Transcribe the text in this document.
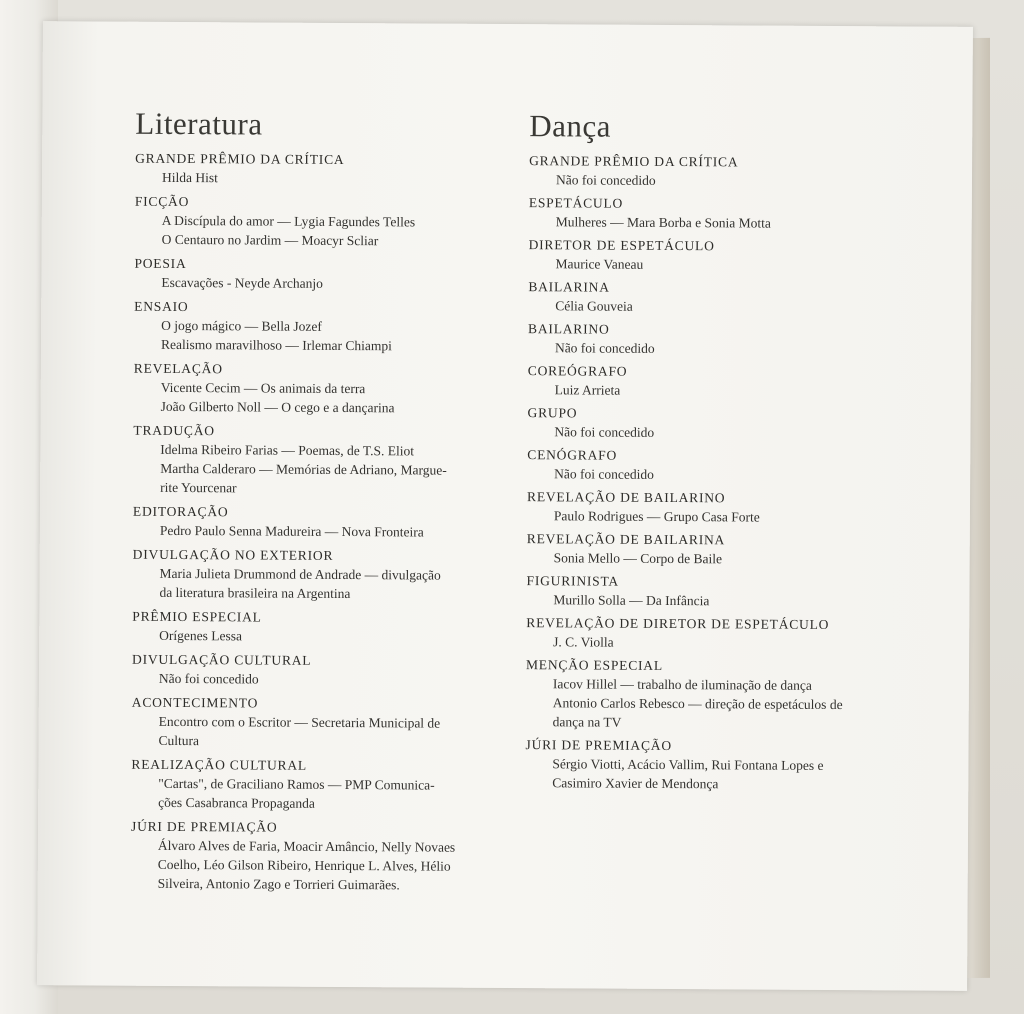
Literatura
GRANDE PRÊMIO DA CRÍTICA
Hilda Hist
FICÇÃO
A Discípula do amor — Lygia Fagundes Telles
O Centauro no Jardim — Moacyr Scliar
POESIA
Escavações - Neyde Archanjo
ENSAIO
O jogo mágico — Bella Jozef
Realismo maravilhoso — Irlemar Chiampi
REVELAÇÃO
Vicente Cecim — Os animais da terra
João Gilberto Noll — O cego e a dançarina
TRADUÇÃO
Idelma Ribeiro Farias — Poemas, de T.S. Eliot
Martha Calderaro — Memórias de Adriano, Margue-
rite Yourcenar
EDITORAÇÃO
Pedro Paulo Senna Madureira — Nova Fronteira
DIVULGAÇÃO NO EXTERIOR
Maria Julieta Drummond de Andrade — divulgação
da literatura brasileira na Argentina
PRÊMIO ESPECIAL
Orígenes Lessa
DIVULGAÇÃO CULTURAL
Não foi concedido
ACONTECIMENTO
Encontro com o Escritor — Secretaria Municipal de
Cultura
REALIZAÇÃO CULTURAL
"Cartas", de Graciliano Ramos — PMP Comunica-
ções Casabranca Propaganda
JÚRI DE PREMIAÇÃO
Álvaro Alves de Faria, Moacir Amâncio, Nelly Novaes
Coelho, Léo Gilson Ribeiro, Henrique L. Alves, Hélio
Silveira, Antonio Zago e Torrieri Guimarães.
Dança
GRANDE PRÊMIO DA CRÍTICA
Não foi concedido
ESPETÁCULO
Mulheres — Mara Borba e Sonia Motta
DIRETOR DE ESPETÁCULO
Maurice Vaneau
BAILARINA
Célia Gouveia
BAILARINO
Não foi concedido
COREÓGRAFO
Luiz Arrieta
GRUPO
Não foi concedido
CENÓGRAFO
Não foi concedido
REVELAÇÃO DE BAILARINO
Paulo Rodrigues — Grupo Casa Forte
REVELAÇÃO DE BAILARINA
Sonia Mello — Corpo de Baile
FIGURINISTA
Murillo Solla — Da Infância
REVELAÇÃO DE DIRETOR DE ESPETÁCULO
J. C. Violla
MENÇÃO ESPECIAL
Iacov Hillel — trabalho de iluminação de dança
Antonio Carlos Rebesco — direção de espetáculos de
dança na TV
JÚRI DE PREMIAÇÃO
Sérgio Viotti, Acácio Vallim, Rui Fontana Lopes e
Casimiro Xavier de Mendonça
